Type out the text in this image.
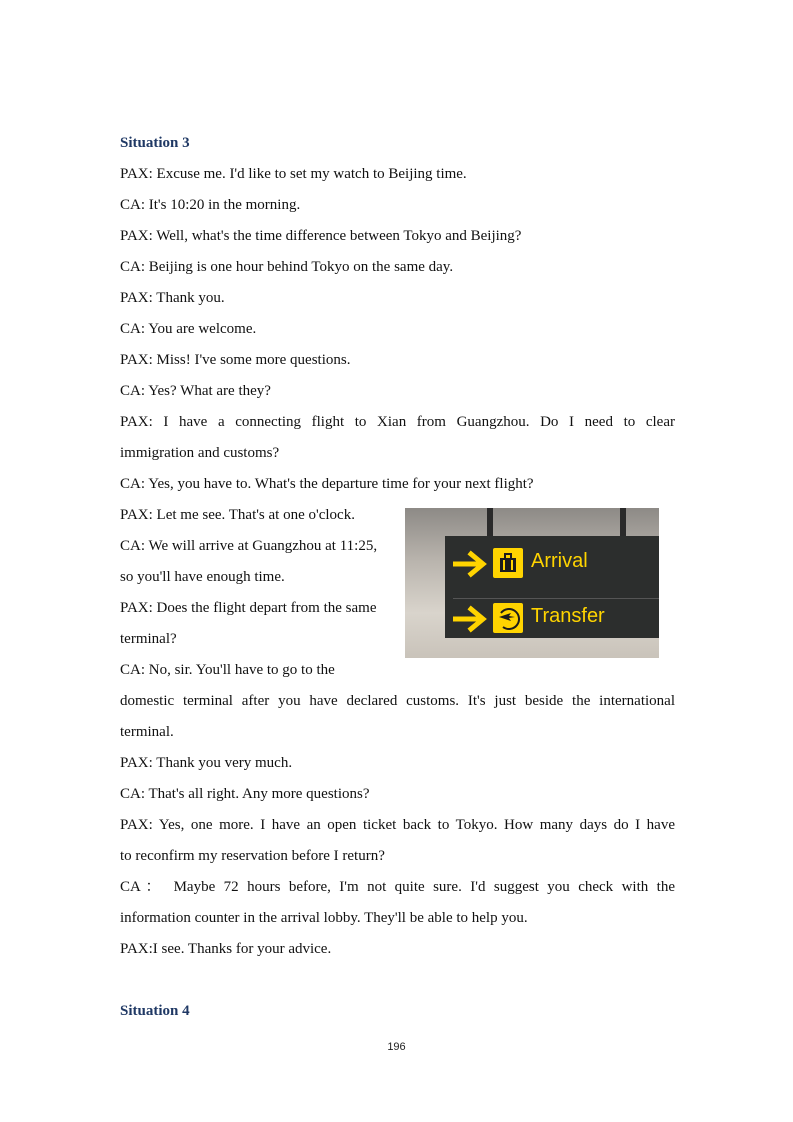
Situation 3

PAX: Excuse me. I'd like to set my watch to Beijing time.

CA: It's 10:20 in the morning.

PAX: Well, what's the time difference between Tokyo and Beijing?

CA: Beijing is one hour behind Tokyo on the same day.

PAX: Thank you.

CA: You are welcome.

PAX: Miss! I've some more questions.

CA: Yes? What are they?

PAX: I have a connecting flight to Xian from Guangzhou. Do I need to clear

immigration and customs?

CA: Yes, you have to. What's the departure time for your next flight?

PAX: Let me see. That's at one o'clock.

CA: We will arrive at Guangzhou at 11:25,

so you'll have enough time.

PAX: Does the flight depart from the same

terminal?

CA: No, sir. You'll have to go to the

Arrival
Transfer

domestic terminal after you have declared customs. It's just beside the international

terminal.

PAX: Thank you very much.

CA: That's all right. Any more questions?

PAX: Yes, one more. I have an open ticket back to Tokyo. How many days do I have

to reconfirm my reservation before I return?

CA： Maybe 72 hours before, I'm not quite sure. I'd suggest you check with the

information counter in the arrival lobby. They'll be able to help you.

PAX:I see. Thanks for your advice.

Situation 4

196
